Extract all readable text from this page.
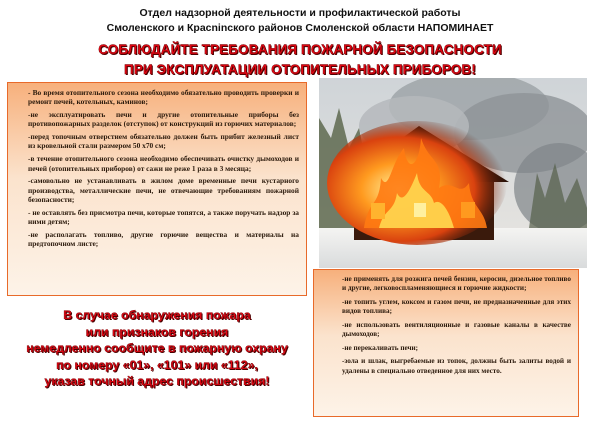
Отдел надзорной деятельности и профилактической работы
Смоленского и Красninского районов Смоленской области НАПОМИНАЕТ
СОБЛЮДАЙТЕ ТРЕБОВАНИЯ ПОЖАРНОЙ БЕЗОПАСНОСТИ
ПРИ ЭКСПЛУАТАЦИИ ОТОПИТЕЛЬНЫХ ПРИБОРОВ!

- Во время отопительного сезона необходимо обязательно проводить проверки и ремонт печей, котельных, каминов;

-не эксплуатировать печи и другие отопительные приборы без противопожарных разделок (отступок) от конструкций из горючих материалов;

-перед топочным отверстием обязательно должен быть прибит железный лист из кровельной стали размером 50 х70 см;

-в течение отопительного сезона необходимо обеспечивать очистку дымоходов и печей (отопительных приборов) от сажи не реже 1 раза в 3 месяца;

-самовольно не устанавливать в жилом доме временные печи кустарного производства, металлические печи, не отвечающие требованиям пожарной безопасности;

- не оставлять без присмотра печи, которые топятся, а также поручать надзор за ними детям;

-не располагать топливо, другие горючие вещества и материалы на предтопочном листе;

В случае обнаружения пожара
или признаков горения
немедленно сообщите в пожарную охрану
по номеру «01», «101» или «112»,
указав точный адрес происшествия!

-не применять для розжига печей бензин, керосин, дизельное топливо и другие, легковоспламеняющиеся и горючие жидкости;

-не топить углем, коксом и газом печи, не предназначенные для этих видов топлива;

-не использовать вентиляционные и газовые каналы в качестве дымоходов;

-не перекаливать печи;

-зола и шлак, выгребаемые из топок, должны быть залиты водой и удалены в специально отведенное для них место.
